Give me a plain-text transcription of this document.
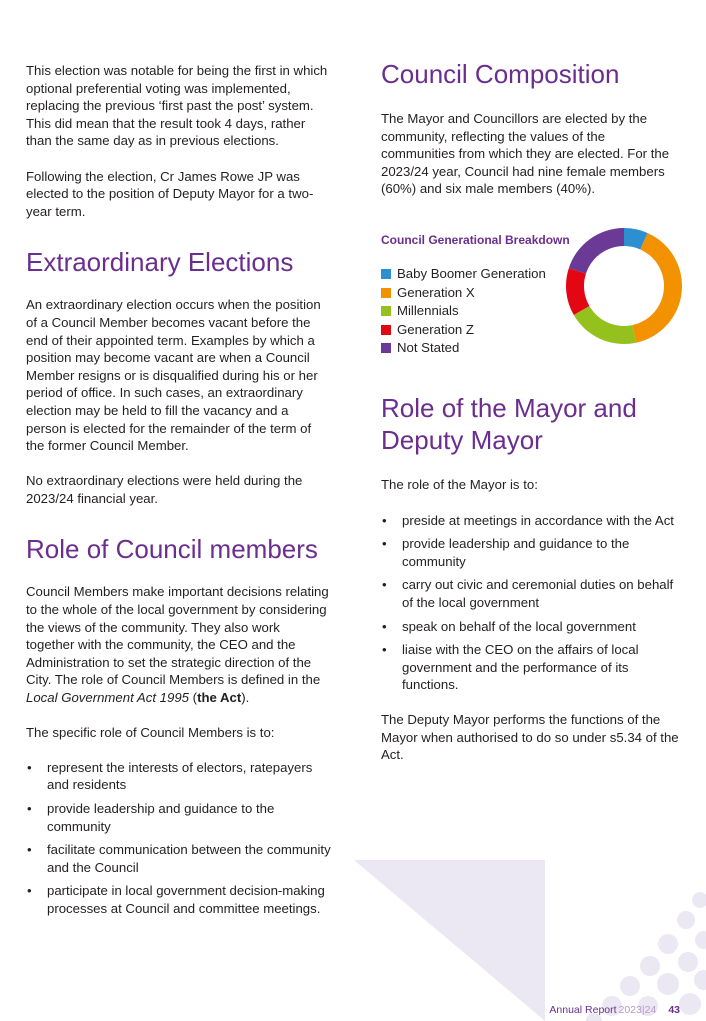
This election was notable for being the first in which optional preferential voting was implemented, replacing the previous ‘first past the post’ system. This did mean that the result took 4 days, rather than the same day as in previous elections.

Following the election, Cr James Rowe JP was elected to the position of Deputy Mayor for a two-year term.

Extraordinary Elections

An extraordinary election occurs when the position of a Council Member becomes vacant before the end of their appointed term. Examples by which a position may become vacant are when a Council Member resigns or is disqualified during his or her period of office. In such cases, an extraordinary election may be held to fill the vacancy and a person is elected for the remainder of the term of the former Council Member.

No extraordinary elections were held during the 2023/24 financial year.

Role of Council members

Council Members make important decisions relating to the whole of the local government by considering the views of the community. They also work together with the community, the CEO and the Administration to set the strategic direction of the City. The role of Council Members is defined in the Local Government Act 1995 (the Act).

The specific role of Council Members is to:

• represent the interests of electors, ratepayers and residents
• provide leadership and guidance to the community
• facilitate communication between the community and the Council
• participate in local government decision-making processes at Council and committee meetings.
Council Composition

The Mayor and Councillors are elected by the community, reflecting the values of the communities from which they are elected. For the 2023/24 year, Council had nine female members (60%) and six male members (40%).

Council Generational Breakdown
Baby Boomer Generation
Generation X
Millennials
Generation Z
Not Stated
Role of the Mayor and Deputy Mayor

The role of the Mayor is to:

• preside at meetings in accordance with the Act
• provide leadership and guidance to the community
• carry out civic and ceremonial duties on behalf of the local government
• speak on behalf of the local government
• liaise with the CEO on the affairs of local government and the performance of its functions.

The Deputy Mayor performs the functions of the Mayor when authorised to do so under s5.34 of the Act.

Annual Report 2023|24 43
